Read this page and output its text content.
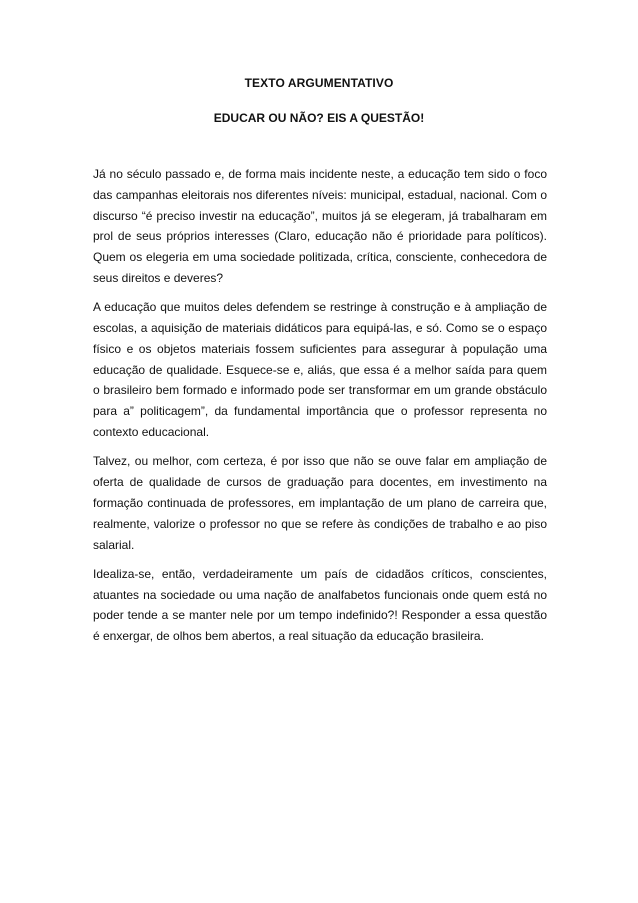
TEXTO ARGUMENTATIVO
EDUCAR OU NÃO? EIS A QUESTÃO!

Já no século passado e, de forma mais incidente neste, a educação tem sido o foco das campanhas eleitorais nos diferentes níveis: municipal, estadual, nacional. Com o discurso “é preciso investir na educação”, muitos já se elegeram, já trabalharam em prol de seus próprios interesses (Claro, educação não é prioridade para políticos). Quem os elegeria em uma sociedade politizada, crítica, consciente, conhecedora de seus direitos e deveres?

A educação que muitos deles defendem se restringe à construção e à ampliação de escolas, a aquisição de materiais didáticos para equipá-las, e só. Como se o espaço físico e os objetos materiais fossem suficientes para assegurar à população uma educação de qualidade. Esquece-se e, aliás, que essa é a melhor saída para quem o brasileiro bem formado e informado pode ser transformar em um grande obstáculo para a” politicagem”, da fundamental importância que o professor representa no contexto educacional.

Talvez, ou melhor, com certeza, é por isso que não se ouve falar em ampliação de oferta de qualidade de cursos de graduação para docentes, em investimento na formação continuada de professores, em implantação de um plano de carreira que, realmente, valorize o professor no que se refere às condições de trabalho e ao piso salarial.

Idealiza-se, então, verdadeiramente um país de cidadãos críticos, conscientes, atuantes na sociedade ou uma nação de analfabetos funcionais onde quem está no poder tende a se manter nele por um tempo indefinido?! Responder a essa questão é enxergar, de olhos bem abertos, a real situação da educação brasileira.
